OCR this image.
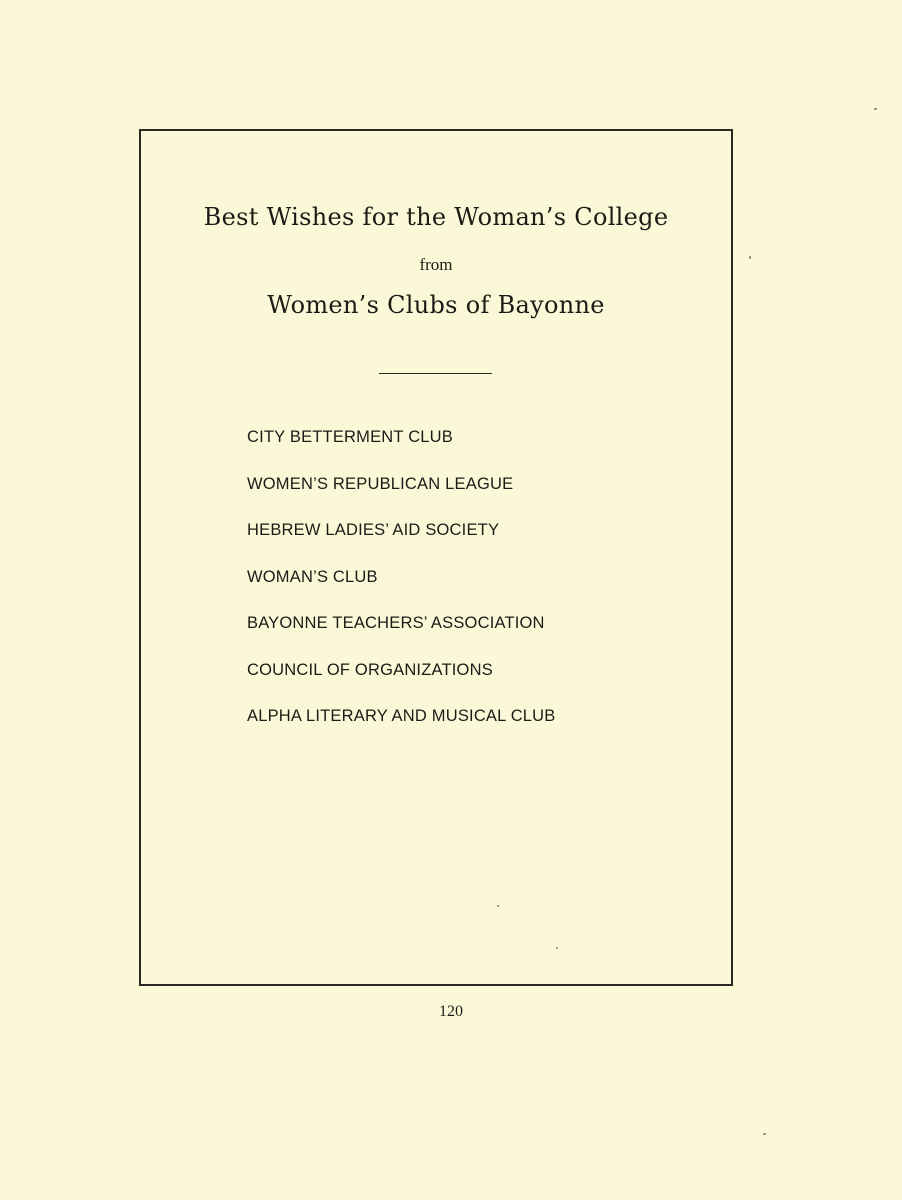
Best Wishes for the Woman’s College
from
Women’s Clubs of Bayonne
CITY BETTERMENT CLUB
WOMEN’S REPUBLICAN LEAGUE
HEBREW LADIES’ AID SOCIETY
WOMAN’S CLUB
BAYONNE TEACHERS’ ASSOCIATION
COUNCIL OF ORGANIZATIONS
ALPHA LITERARY AND MUSICAL CLUB
120
